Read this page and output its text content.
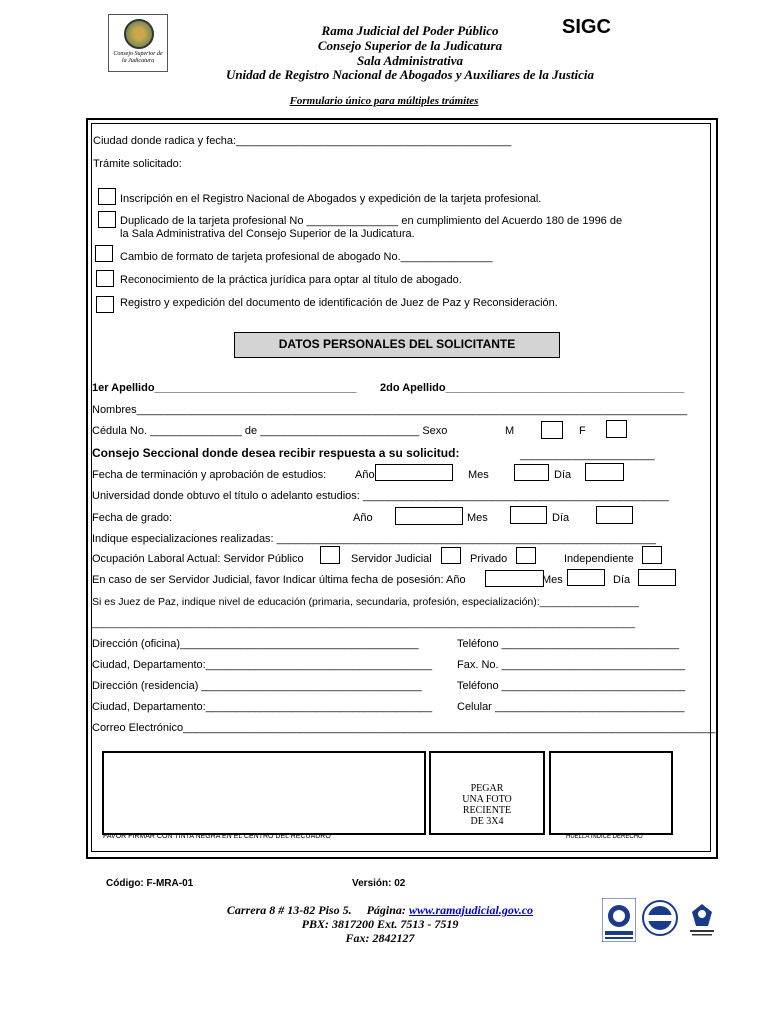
Consejo Superior de la Judicatura
Rama Judicial del Poder Público
Consejo Superior de la Judicatura
Sala Administrativa
Unidad de Registro Nacional de Abogados y Auxiliares de la Justicia
SIGC
Formulario único para múltiples trámites
Ciudad donde radica y fecha:_____________________________________________
Trámite solicitado:
Inscripción en el Registro Nacional de Abogados y expedición de la tarjeta profesional.
Duplicado de la tarjeta profesional No _______________ en cumplimiento del Acuerdo 180 de 1996 de
la Sala Administrativa del Consejo Superior de la Judicatura.
Cambio de formato de tarjeta profesional de abogado No._______________
Reconocimiento de la práctica jurídica para optar al título de abogado.
Registro y expedición del documento de identificación de Juez de Paz y Reconsideración.
DATOS PERSONALES DEL SOLICITANTE
1er Apellido_________________________________ 2do Apellido_______________________________________
Nombres__________________________________________________________________________________________
Cédula No. _______________ de __________________________ Sexo	M	F
Consejo Seccional donde desea recibir respuesta a su solicitud:	______________________
Fecha de terminación y aprobación de estudios:	Año	Mes	Día
Universidad donde obtuvo el título o adelanto estudios: __________________________________________________
Fecha de grado:	Año	Mes	Día
Indique especializaciones realizadas: ______________________________________________________________
Ocupación Laboral Actual: Servidor Público	Servidor Judicial	Privado	Independiente
En caso de ser Servidor Judicial, favor Indicar última fecha de posesión: Año	Mes	Día
Si es Juez de Paz, indique nivel de educación (primaria, secundaria, profesión, especialización):_________________
_____________________________________________________________________________________________
Dirección (oficina)_______________________________________	Teléfono _____________________________
Ciudad, Departamento:_____________________________________ Fax. No. ______________________________
Dirección (residencia) ____________________________________	Teléfono ______________________________
Ciudad, Departamento:_____________________________________ Celular _______________________________
Correo Electrónico_______________________________________________________________________________________
PEGAR
UNA FOTO
RECIENTE
DE 3X4
FAVOR FIRMAR CON TINTA NEGRA EN EL CENTRO DEL RECUADRO	HUELLA INDICE DERECHO
Código: F-MRA-01	Versión: 02
Carrera 8 # 13-82 Piso 5. Página: www.ramajudicial.gov.co
PBX: 3817200 Ext. 7513 - 7519
Fax: 2842127
